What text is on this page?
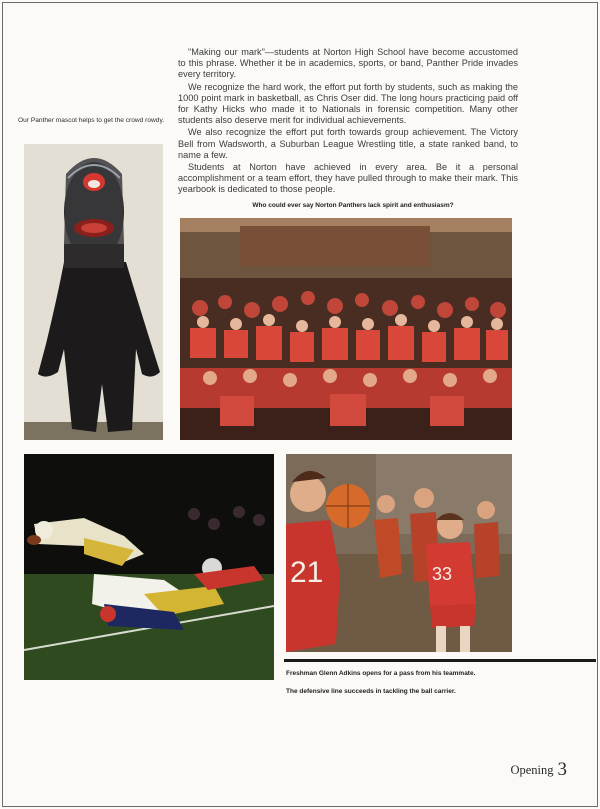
"Making our mark"—students at Norton High School have become accustomed to this phrase. Whether it be in academics, sports, or band, Panther Pride invades every territory.

We recognize the hard work, the effort put forth by students, such as making the 1000 point mark in basketball, as Chris Oser did. The long hours practicing paid off for Kathy Hicks who made it to Nationals in forensic competition. Many other students also deserve merit for individual achievements.

We also recognize the effort put forth towards group achievement. The Victory Bell from Wadsworth, a Suburban League Wrestling title, a state ranked band, to name a few.

Students at Norton have achieved in every area. Be it a personal accomplishment or a team effort, they have pulled through to make their mark. This yearbook is dedicated to those people.

Who could ever say Norton Panthers lack spirit and enthusiasm?
Our Panther mascot helps to get the crowd rowdy.
21	33
Freshman Glenn Adkins opens for a pass from his teammate.
The defensive line succeeds in tackling the ball carrier.
Opening 3
